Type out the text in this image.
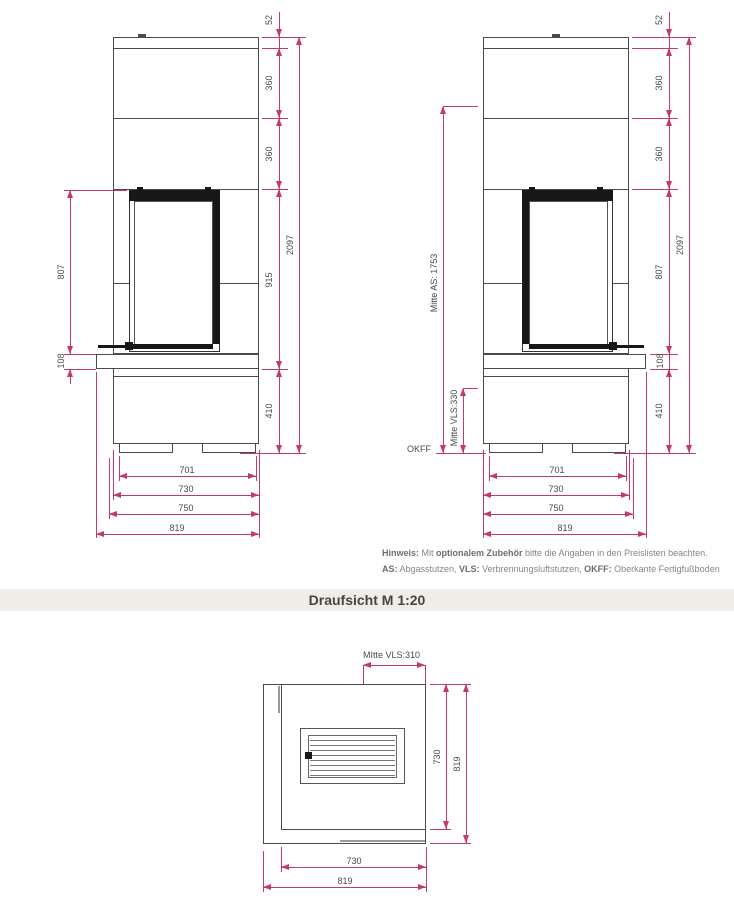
52
360
360
915
410
2097
807
108
701
730
750
819
52
360
360
807
108
410
2097
Mitte AS: 1753
Mitte VLS:330
OKFF
701
730
750
819

Hinweis: Mit optionalem Zubehör bitte die Angaben in den Preislisten beachten.

AS: Abgasstutzen, VLS: Verbrennungsluftstutzen, OKFF: Oberkante Fertigfußboden

Draufsicht M 1:20
MItte VLS:310
730 819
730
819
